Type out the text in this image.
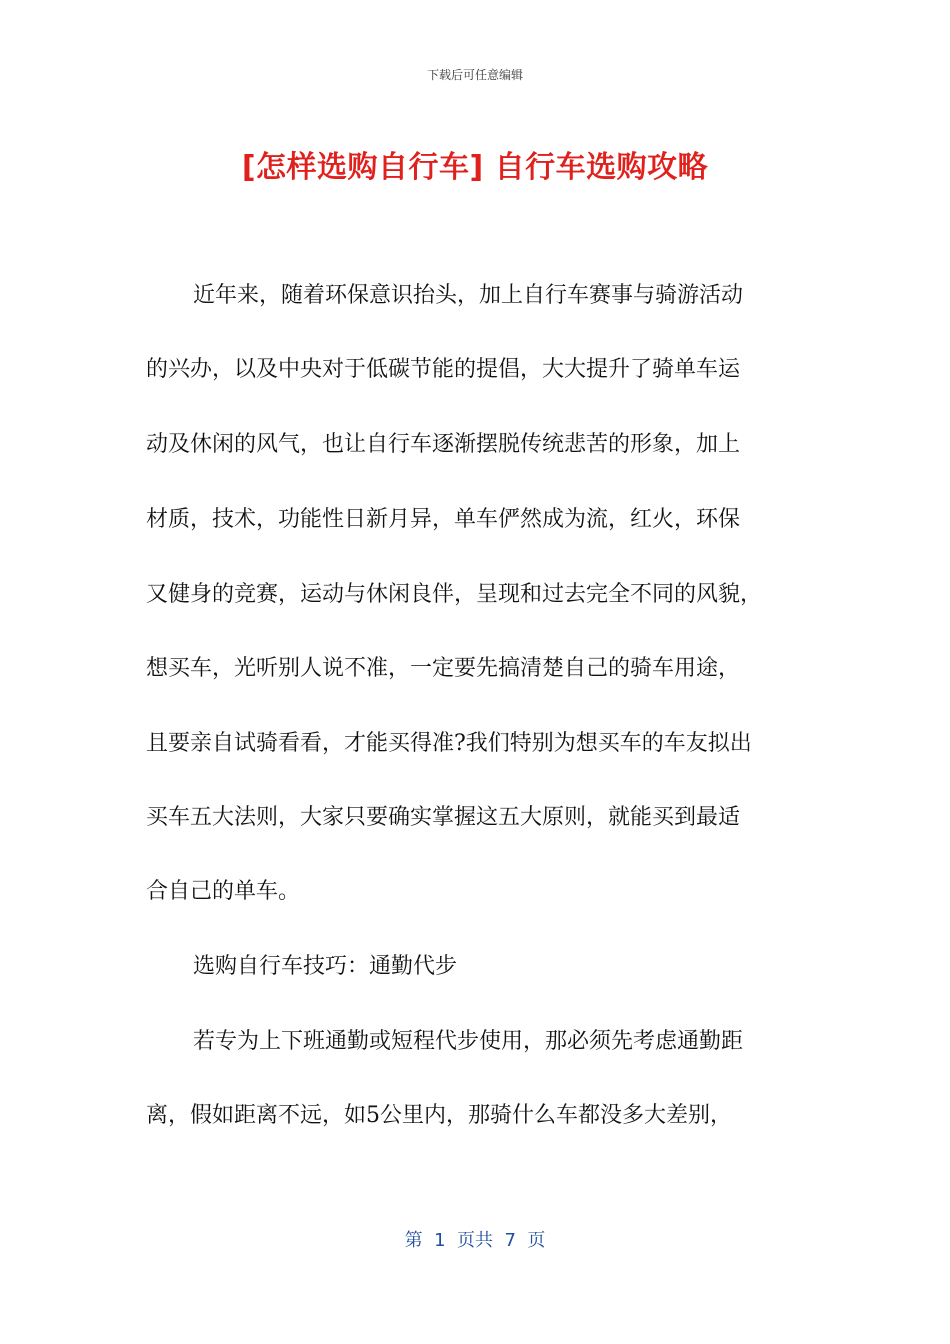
下载后可任意编辑
[怎样选购自行车] 自行车选购攻略
近年来，随着环保意识抬头，加上自行车赛事与骑游活动
的兴办，以及中央对于低碳节能的提倡，大大提升了骑单车运
动及休闲的风气，也让自行车逐渐摆脱传统悲苦的形象，加上
材质，技术，功能性日新月异，单车俨然成为流，红火，环保
又健身的竞赛，运动与休闲良伴，呈现和过去完全不同的风貌，
想买车，光听别人说不准，一定要先搞清楚自己的骑车用途，
且要亲自试骑看看，才能买得准?我们特别为想买车的车友拟出
买车五大法则，大家只要确实掌握这五大原则，就能买到最适
合自己的单车。
选购自行车技巧：通勤代步
若专为上下班通勤或短程代步使用，那必须先考虑通勤距
离，假如距离不远，如5公里内，那骑什么车都没多大差别，
第  1  页共  7  页
